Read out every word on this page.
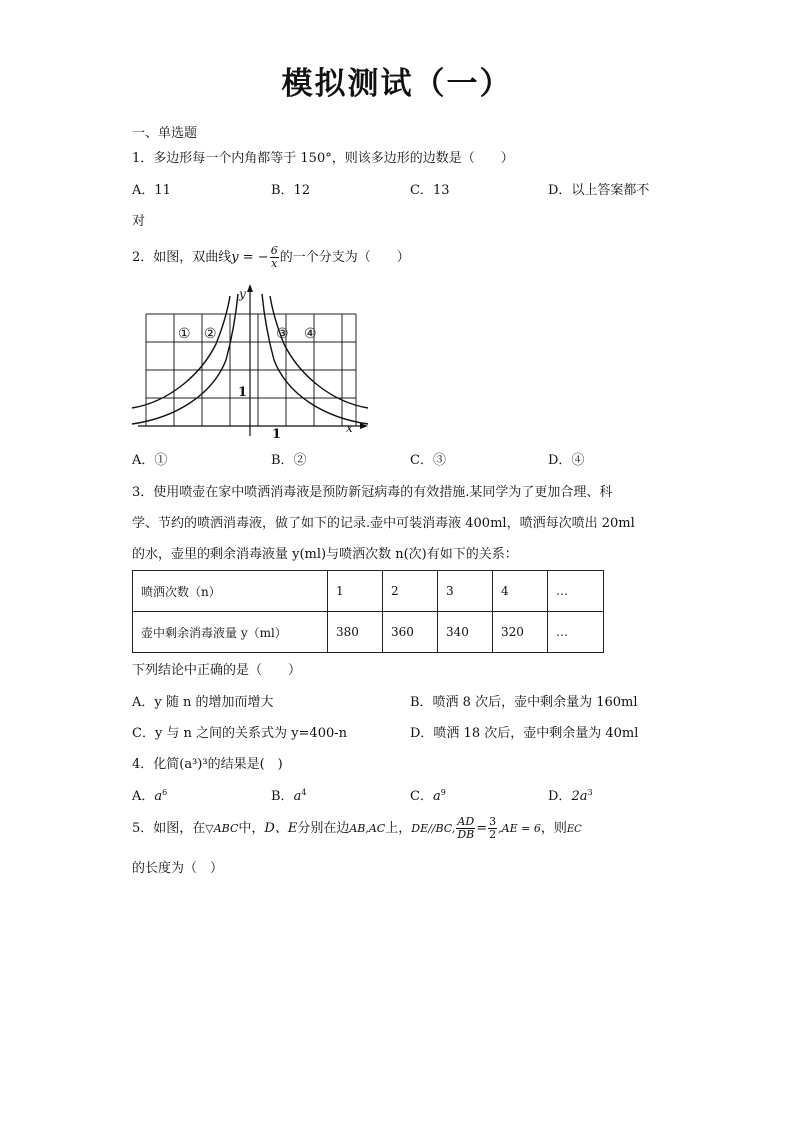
模拟测试（一）
一、单选题
1．多边形每一个内角都等于 150°，则该多边形的边数是（　　）
A．11	B．12	C．13	D．以上答案都不
对
2．如图，双曲线y = − $\frac{6}{x}$ 的一个分支为（　　）
① ②	③ ④
y
x
1
1
A．①	B．②	C．③	D．④
3．使用喷壶在家中喷洒消毒液是预防新冠病毒的有效措施.某同学为了更加合理、科
学、节约的喷洒消毒液，做了如下的记录.壶中可装消毒液 400ml，喷洒每次喷出 20ml
的水，壶里的剩余消毒液量 y(ml)与喷洒次数 n(次)有如下的关系：
喷洒次数（n）	1	2	3	4	…
壶中剩余消毒液量 y（ml）	380	360	340	320	…
下列结论中正确的是（　　）
A．y 随 n 的增加而增大	B．喷洒 8 次后，壶中剩余量为 160ml
C．y 与 n 之间的关系式为 y=400-n	D．喷洒 18 次后，壶中剩余量为 40ml
4．化简(a³)³的结果是(　)
A．$a^6$	B．$a^4$	C．$a^9$	D．$2a^3$
5．如图，在▽ABC中，D、E分别在边AB,AC上，DE//BC, $\frac{AD}{DB} = \frac{3}{2} ,AE = 6$，则EC
的长度为（　）
